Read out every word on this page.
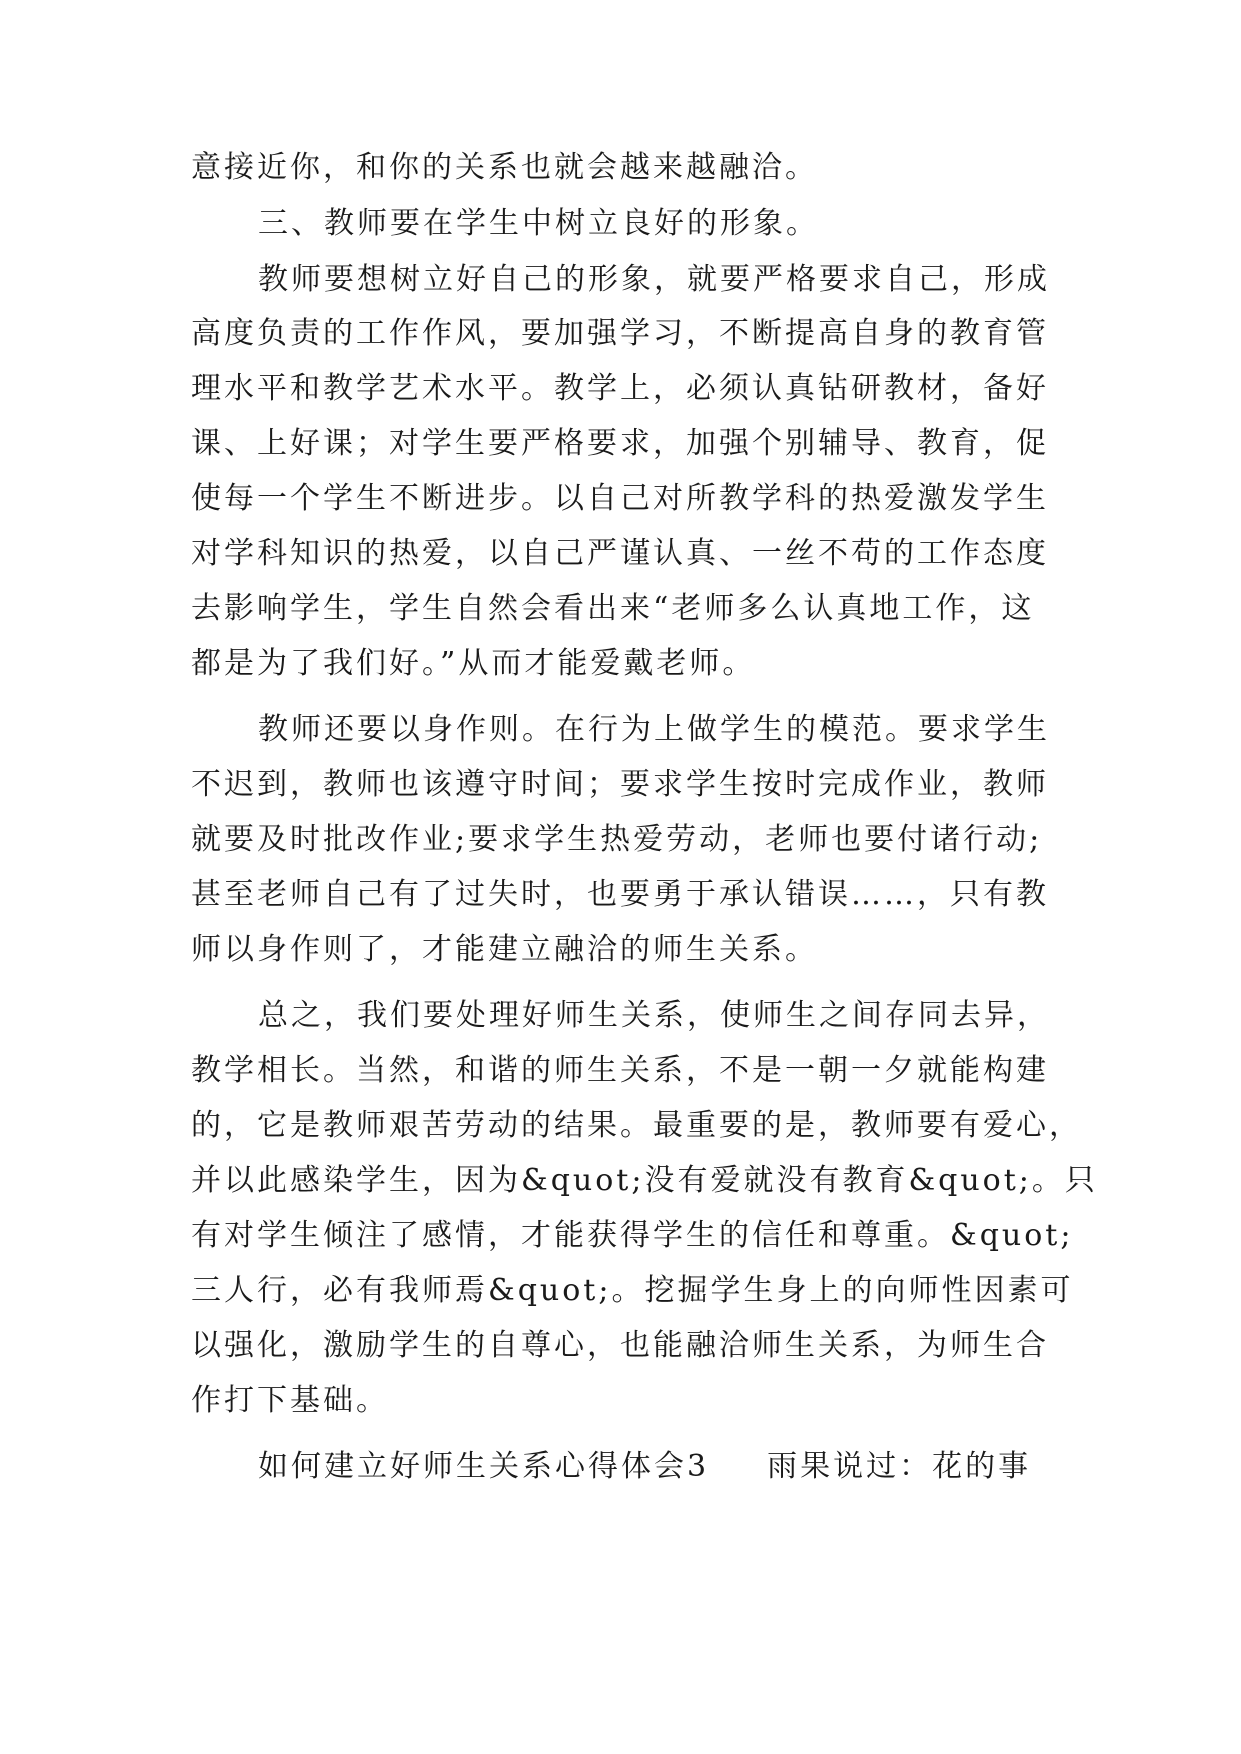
意接近你，和你的关系也就会越来越融洽。
三、教师要在学生中树立良好的形象。
教师要想树立好自己的形象，就要严格要求自己，形成
高度负责的工作作风，要加强学习，不断提高自身的教育管
理水平和教学艺术水平。教学上，必须认真钻研教材，备好
课、上好课；对学生要严格要求，加强个别辅导、教育，促
使每一个学生不断进步。以自己对所教学科的热爱激发学生
对学科知识的热爱，以自己严谨认真、一丝不苟的工作态度
去影响学生，学生自然会看出来“老师多么认真地工作，这
都是为了我们好。”从而才能爱戴老师。
教师还要以身作则。在行为上做学生的模范。要求学生
不迟到，教师也该遵守时间；要求学生按时完成作业，教师
就要及时批改作业;要求学生热爱劳动，老师也要付诸行动;
甚至老师自己有了过失时，也要勇于承认错误……，只有教
师以身作则了，才能建立融洽的师生关系。
总之，我们要处理好师生关系，使师生之间存同去异，
教学相长。当然，和谐的师生关系，不是一朝一夕就能构建
的，它是教师艰苦劳动的结果。最重要的是，教师要有爱心，
并以此感染学生，因为&quot;没有爱就没有教育&quot;。只
有对学生倾注了感情，才能获得学生的信任和尊重。&quot;
三人行，必有我师焉&quot;。挖掘学生身上的向师性因素可
以强化，激励学生的自尊心，也能融洽师生关系，为师生合
作打下基础。
如何建立好师生关系心得体会3 雨果说过：花的事
